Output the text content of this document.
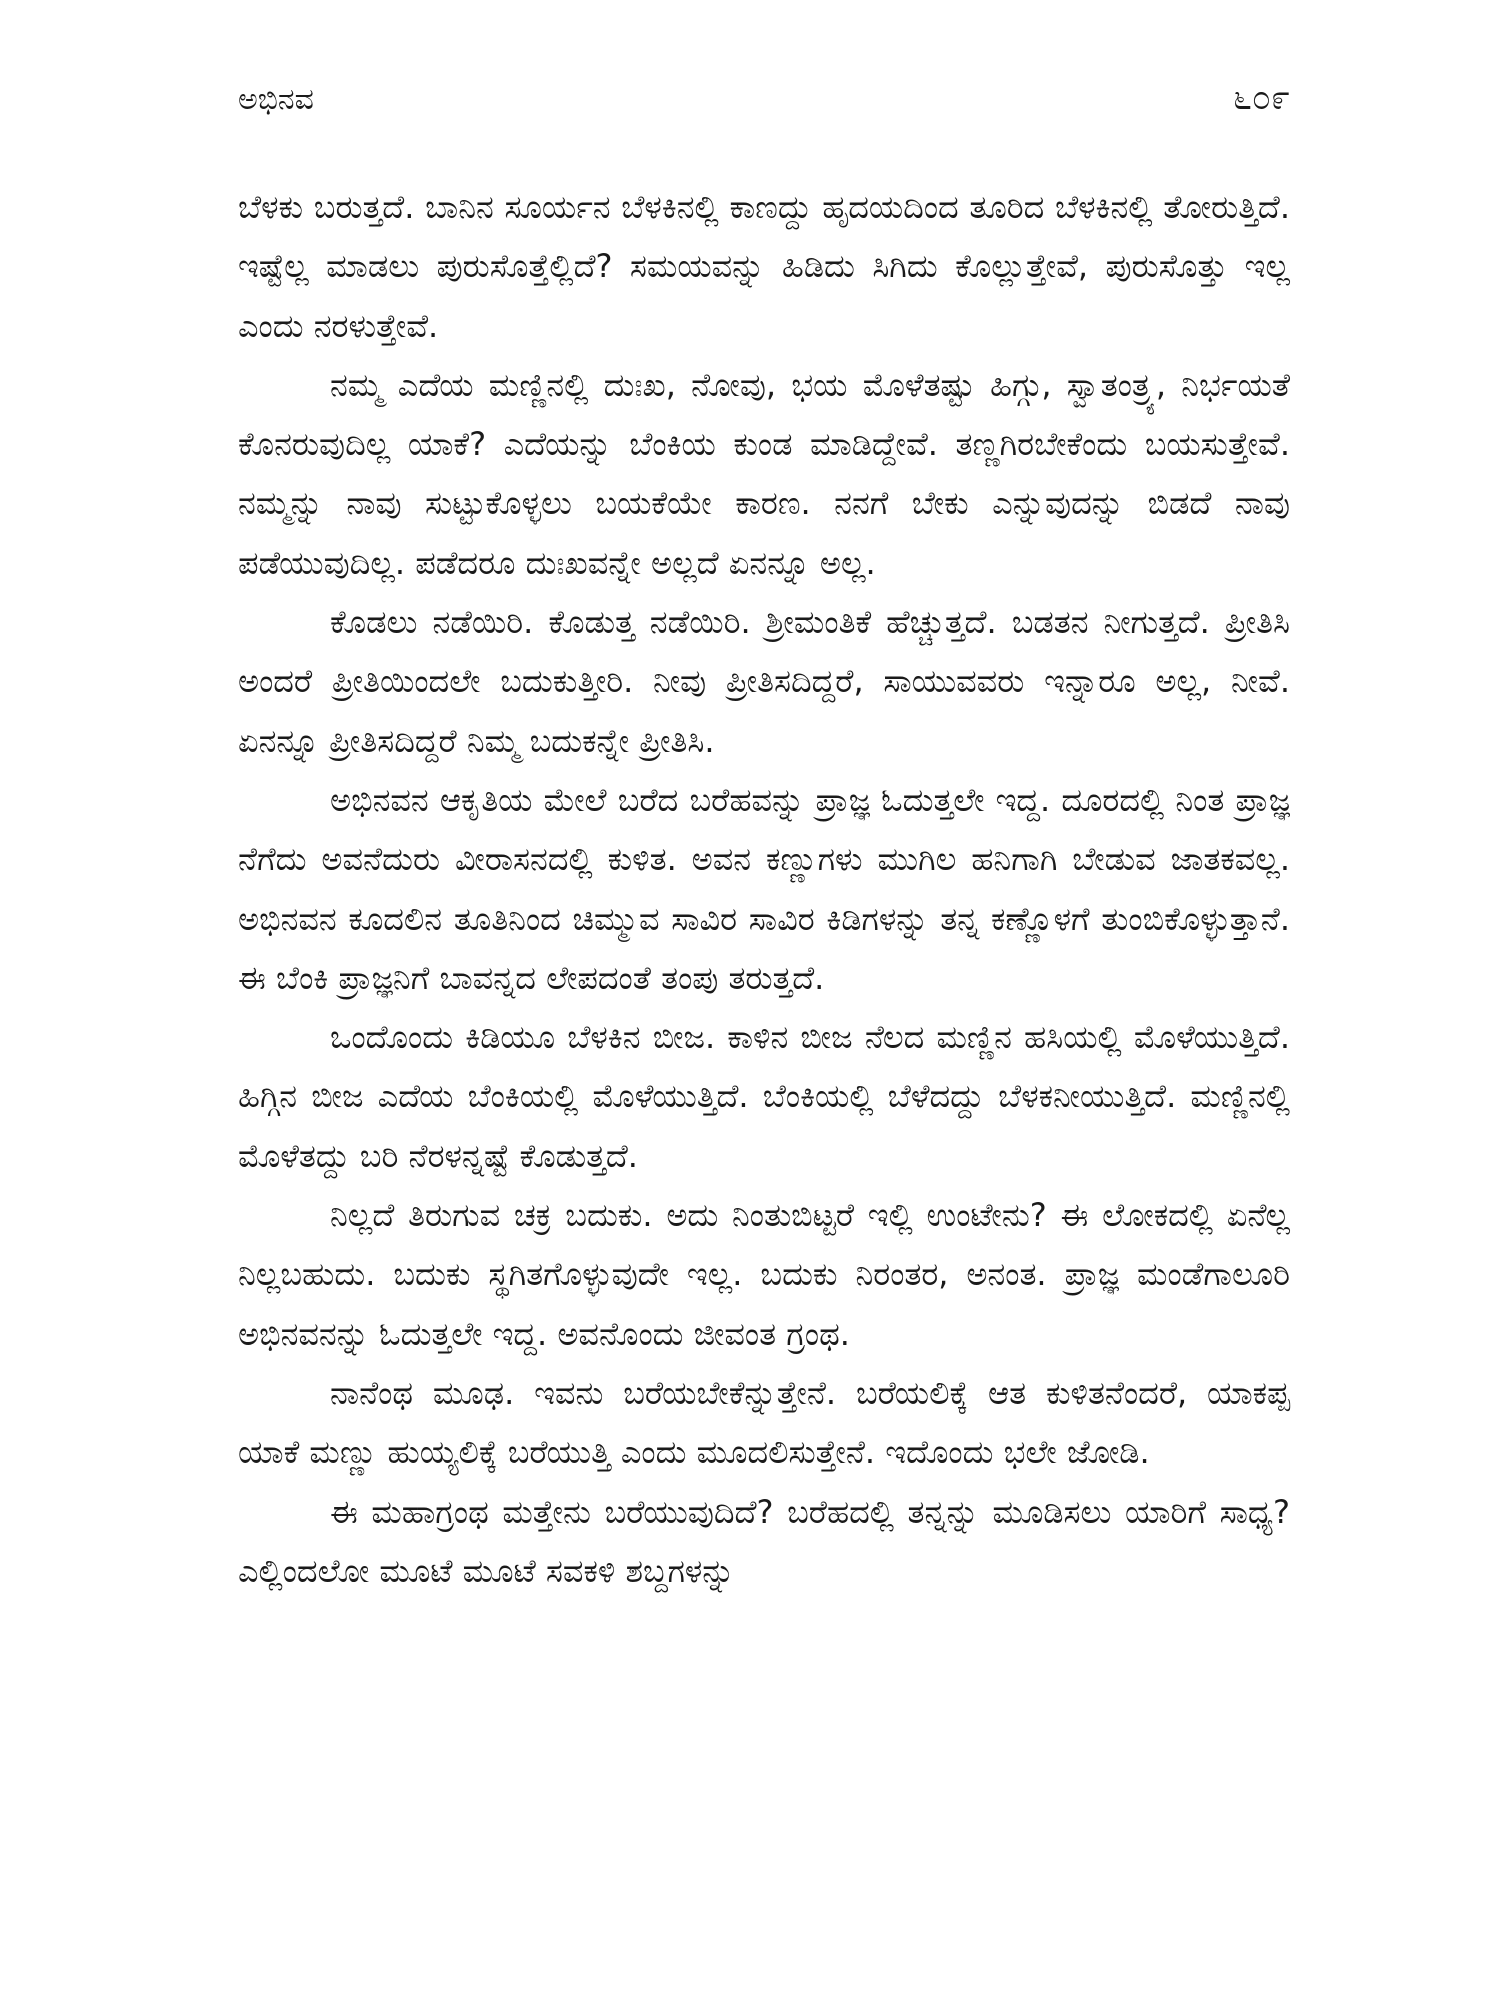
ಅಭಿನವ	೬೦೯

ಬೆಳಕು ಬರುತ್ತದೆ. ಬಾನಿನ ಸೂರ್ಯನ ಬೆಳಕಿನಲ್ಲಿ ಕಾಣದ್ದು ಹೃದಯದಿಂದ ತೂರಿದ ಬೆಳಕಿನಲ್ಲಿ ತೋರುತ್ತಿದೆ. ಇಷ್ಟೆಲ್ಲ ಮಾಡಲು ಪುರುಸೊತ್ತೆಲ್ಲಿದೆ? ಸಮಯವನ್ನು ಹಿಡಿದು ಸಿಗಿದು ಕೊಲ್ಲುತ್ತೇವೆ, ಪುರುಸೊತ್ತು ಇಲ್ಲ ಎಂದು ನರಳುತ್ತೇವೆ.

ನಮ್ಮ ಎದೆಯ ಮಣ್ಣಿನಲ್ಲಿ ದುಃಖ, ನೋವು, ಭಯ ಮೊಳೆತಷ್ಟು ಹಿಗ್ಗು, ಸ್ವಾತಂತ್ರ್ಯ, ನಿರ್ಭಯತೆ ಕೊನರುವುದಿಲ್ಲ ಯಾಕೆ? ಎದೆಯನ್ನು ಬೆಂಕಿಯ ಕುಂಡ ಮಾಡಿದ್ದೇವೆ. ತಣ್ಣಗಿರಬೇಕೆಂದು ಬಯಸುತ್ತೇವೆ. ನಮ್ಮನ್ನು ನಾವು ಸುಟ್ಟುಕೊಳ್ಳಲು ಬಯಕೆಯೇ ಕಾರಣ. ನನಗೆ ಬೇಕು ಎನ್ನುವುದನ್ನು ಬಿಡದೆ ನಾವು ಪಡೆಯುವುದಿಲ್ಲ. ಪಡೆದರೂ ದುಃಖವನ್ನೇ ಅಲ್ಲದೆ ಏನನ್ನೂ ಅಲ್ಲ.

ಕೊಡಲು ನಡೆಯಿರಿ. ಕೊಡುತ್ತ ನಡೆಯಿರಿ. ಶ್ರೀಮಂತಿಕೆ ಹೆಚ್ಚುತ್ತದೆ. ಬಡತನ ನೀಗುತ್ತದೆ. ಪ್ರೀತಿಸಿ ಅಂದರೆ ಪ್ರೀತಿಯಿಂದಲೇ ಬದುಕುತ್ತೀರಿ. ನೀವು ಪ್ರೀತಿಸದಿದ್ದರೆ, ಸಾಯುವವರು ಇನ್ನಾರೂ ಅಲ್ಲ, ನೀವೆ. ಏನನ್ನೂ ಪ್ರೀತಿಸದಿದ್ದರೆ ನಿಮ್ಮ ಬದುಕನ್ನೇ ಪ್ರೀತಿಸಿ.

ಅಭಿನವನ ಆಕೃತಿಯ ಮೇಲೆ ಬರೆದ ಬರೆಹವನ್ನು ಪ್ರಾಜ್ಞ ಓದುತ್ತಲೇ ಇದ್ದ. ದೂರದಲ್ಲಿ ನಿಂತ ಪ್ರಾಜ್ಞ ನೆಗೆದು ಅವನೆದುರು ವೀರಾಸನದಲ್ಲಿ ಕುಳಿತ. ಅವನ ಕಣ್ಣುಗಳು ಮುಗಿಲ ಹನಿಗಾಗಿ ಬೇಡುವ ಜಾತಕವಲ್ಲ. ಅಭಿನವನ ಕೂದಲಿನ ತೂತಿನಿಂದ ಚಿಮ್ಮುವ ಸಾವಿರ ಸಾವಿರ ಕಿಡಿಗಳನ್ನು ತನ್ನ ಕಣ್ಣೊಳಗೆ ತುಂಬಿಕೊಳ್ಳುತ್ತಾನೆ. ಈ ಬೆಂಕಿ ಪ್ರಾಜ್ಞನಿಗೆ ಬಾವನ್ನದ ಲೇಪದಂತೆ ತಂಪು ತರುತ್ತದೆ.

ಒಂದೊಂದು ಕಿಡಿಯೂ ಬೆಳಕಿನ ಬೀಜ. ಕಾಳಿನ ಬೀಜ ನೆಲದ ಮಣ್ಣಿನ ಹಸಿಯಲ್ಲಿ ಮೊಳೆಯುತ್ತಿದೆ. ಹಿಗ್ಗಿನ ಬೀಜ ಎದೆಯ ಬೆಂಕಿಯಲ್ಲಿ ಮೊಳೆಯುತ್ತಿದೆ. ಬೆಂಕಿಯಲ್ಲಿ ಬೆಳೆದದ್ದು ಬೆಳಕನೀಯುತ್ತಿದೆ. ಮಣ್ಣಿನಲ್ಲಿ ಮೊಳೆತದ್ದು ಬರಿ ನೆರಳನ್ನಷ್ಟೆ ಕೊಡುತ್ತದೆ.

ನಿಲ್ಲದೆ ತಿರುಗುವ ಚಕ್ರ ಬದುಕು. ಅದು ನಿಂತುಬಿಟ್ಟರೆ ಇಲ್ಲಿ ಉಂಟೇನು? ಈ ಲೋಕದಲ್ಲಿ ಏನೆಲ್ಲ ನಿಲ್ಲಬಹುದು. ಬದುಕು ಸ್ಥಗಿತಗೊಳ್ಳುವುದೇ ಇಲ್ಲ. ಬದುಕು ನಿರಂತರ, ಅನಂತ. ಪ್ರಾಜ್ಞ ಮಂಡೆಗಾಲೂರಿ ಅಭಿನವನನ್ನು ಓದುತ್ತಲೇ ಇದ್ದ. ಅವನೊಂದು ಜೀವಂತ ಗ್ರಂಥ.

ನಾನೆಂಥ ಮೂಢ. ಇವನು ಬರೆಯಬೇಕೆನ್ನುತ್ತೇನೆ. ಬರೆಯಲಿಕ್ಕೆ ಆತ ಕುಳಿತನೆಂದರೆ, ಯಾಕಪ್ಪ ಯಾಕೆ ಮಣ್ಣು ಹುಯ್ಯಲಿಕ್ಕೆ ಬರೆಯುತ್ತಿ ಎಂದು ಮೂದಲಿಸುತ್ತೇನೆ. ಇದೊಂದು ಭಲೇ ಜೋಡಿ.

ಈ ಮಹಾಗ್ರಂಥ ಮತ್ತೇನು ಬರೆಯುವುದಿದೆ? ಬರೆಹದಲ್ಲಿ ತನ್ನನ್ನು ಮೂಡಿಸಲು ಯಾರಿಗೆ ಸಾಧ್ಯ? ಎಲ್ಲಿಂದಲೋ ಮೂಟೆ ಮೂಟೆ ಸವಕಳಿ ಶಬ್ದಗಳನ್ನು
